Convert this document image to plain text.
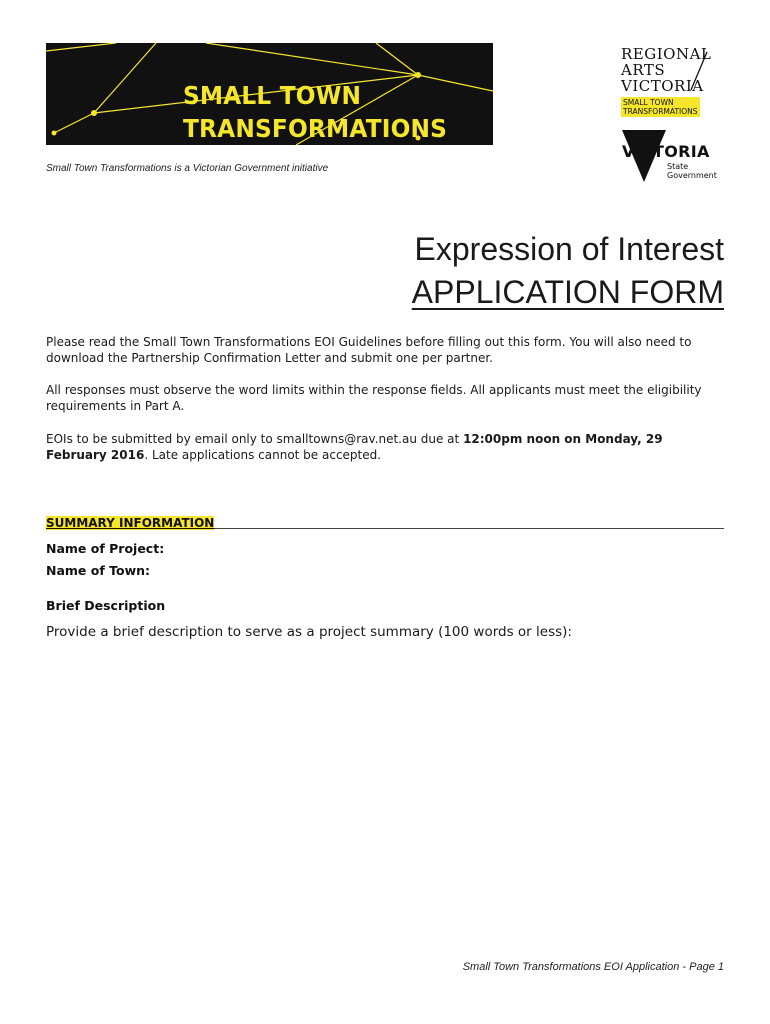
SMALL TOWN
TRANSFORMATIONS
Small Town Transformations is a Victorian Government initiative
REGIONAL
ARTS
VICTORIA
SMALL TOWN
TRANSFORMATIONS
VICTORIA
State
Government
Expression of Interest
APPLICATION FORM
Please read the Small Town Transformations EOI Guidelines before filling out this form. You will also need to download the Partnership Confirmation Letter and submit one per partner.
All responses must observe the word limits within the response fields. All applicants must meet the eligibility requirements in Part A.
EOIs to be submitted by email only to smalltowns@rav.net.au due at 12:00pm noon on Monday, 29 February 2016. Late applications cannot be accepted.
SUMMARY INFORMATION
Name of Project:
Name of Town:
Brief Description
Provide a brief description to serve as a project summary (100 words or less):
Small Town Transformations EOI Application - Page 1
